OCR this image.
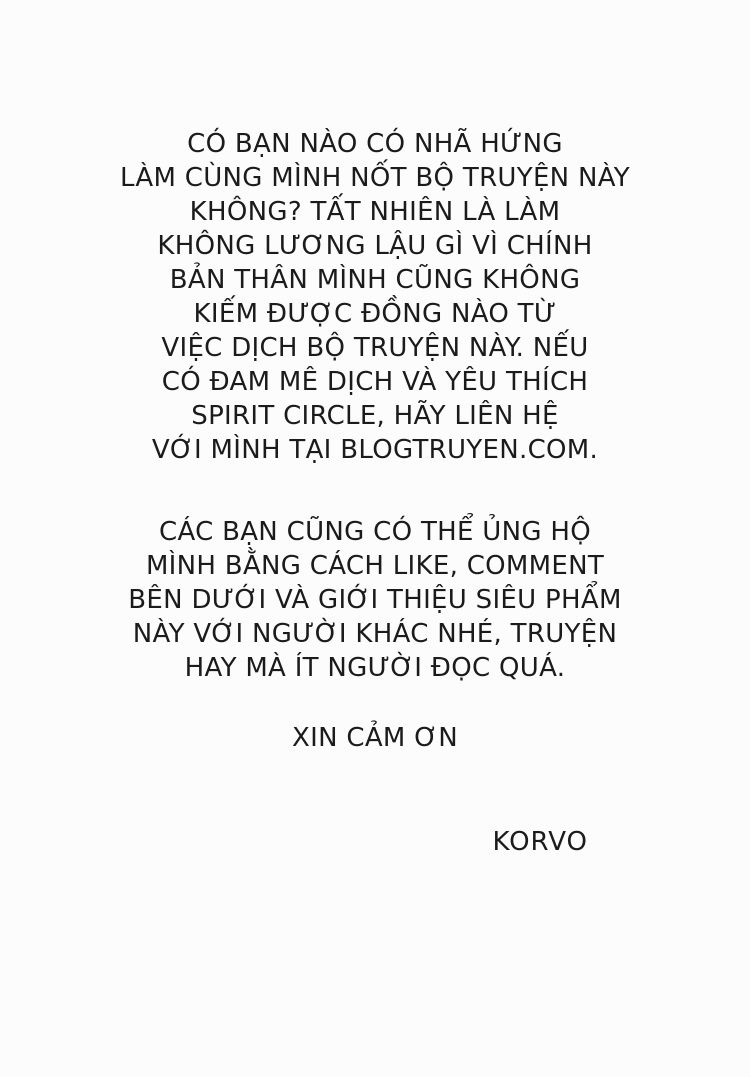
CÓ BẠN NÀO CÓ NHÃ HỨNG
LÀM CÙNG MÌNH NỐT BỘ TRUYỆN NÀY
KHÔNG? TẤT NHIÊN LÀ LÀM
KHÔNG LƯƠNG LẬU GÌ VÌ CHÍNH
BẢN THÂN MÌNH CŨNG KHÔNG
KIẾM ĐƯỢC ĐỒNG NÀO TỪ
VIỆC DỊCH BỘ TRUYỆN NÀY. NẾU
CÓ ĐAM MÊ DỊCH VÀ YÊU THÍCH
SPIRIT CIRCLE, HÃY LIÊN HỆ
VỚI MÌNH TẠI BLOGTRUYEN.COM.
CÁC BẠN CŨNG CÓ THỂ ỦNG HỘ
MÌNH BẰNG CÁCH LIKE, COMMENT
BÊN DƯỚI VÀ GIỚI THIỆU SIÊU PHẨM
NÀY VỚI NGƯỜI KHÁC NHÉ, TRUYỆN
HAY MÀ ÍT NGƯỜI ĐỌC QUÁ.
XIN CẢM ƠN
KORVO
